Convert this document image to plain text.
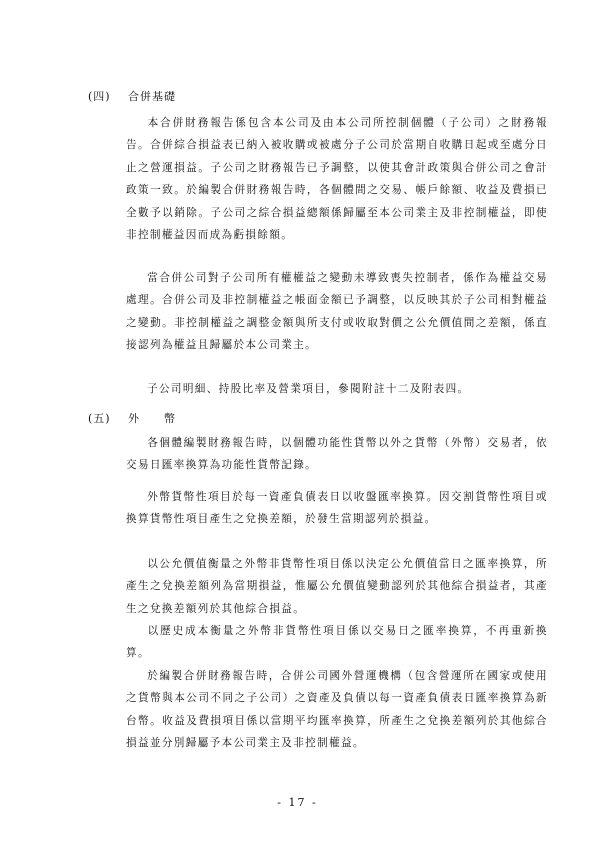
(四) 合併基礎
本合併財務報告係包含本公司及由本公司所控制個體（子公司）之財務報告。合併綜合損益表已納入被收購或被處分子公司於當期自收購日起或至處分日止之營運損益。子公司之財務報告已予調整，以使其會計政策與合併公司之會計政策一致。於編製合併財務報告時，各個體間之交易、帳戶餘額、收益及費損已全數予以銷除。子公司之綜合損益總額係歸屬至本公司業主及非控制權益，即使非控制權益因而成為虧損餘額。
當合併公司對子公司所有權權益之變動未導致喪失控制者，係作為權益交易處理。合併公司及非控制權益之帳面金額已予調整，以反映其於子公司相對權益之變動。非控制權益之調整金額與所支付或收取對價之公允價值間之差額，係直接認列為權益且歸屬於本公司業主。
子公司明細、持股比率及營業項目，參閱附註十二及附表四。
(五) 外　　幣
各個體編製財務報告時，以個體功能性貨幣以外之貨幣（外幣）交易者，依交易日匯率換算為功能性貨幣記錄。
外幣貨幣性項目於每一資產負債表日以收盤匯率換算。因交割貨幣性項目或換算貨幣性項目產生之兌換差額，於發生當期認列於損益。
以公允價值衡量之外幣非貨幣性項目係以決定公允價值當日之匯率換算，所產生之兌換差額列為當期損益，惟屬公允價值變動認列於其他綜合損益者，其產生之兌換差額列於其他綜合損益。
以歷史成本衡量之外幣非貨幣性項目係以交易日之匯率換算，不再重新換算。
於編製合併財務報告時，合併公司國外營運機構（包含營運所在國家或使用之貨幣與本公司不同之子公司）之資產及負債以每一資產負債表日匯率換算為新台幣。收益及費損項目係以當期平均匯率換算，所產生之兌換差額列於其他綜合損益並分別歸屬予本公司業主及非控制權益。
- 17 -
